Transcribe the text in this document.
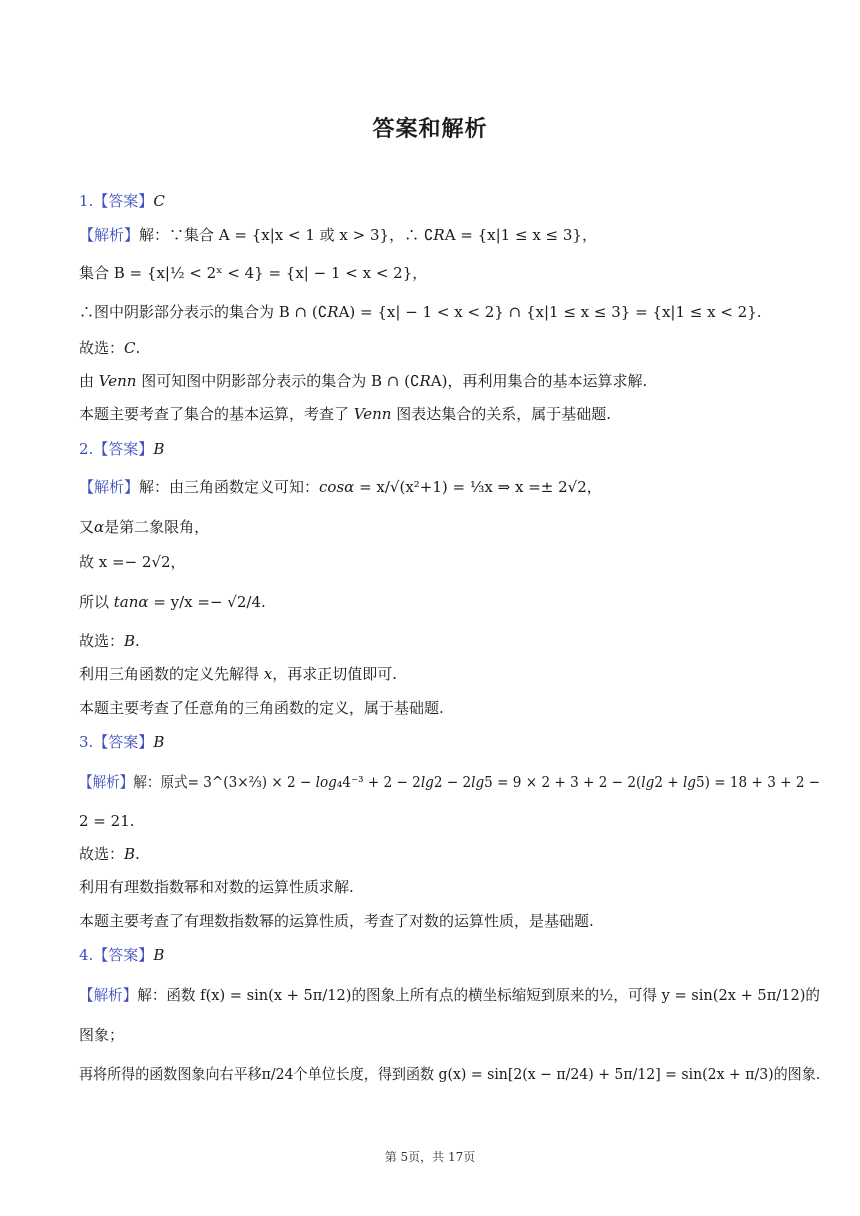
答案和解析
1.【答案】C
【解析】解：∵集合 A = {x|x < 1 或 x > 3}，∴ ∁RA = {x|1 ≤ x ≤ 3}，
集合 B = {x|½ < 2ˣ < 4} = {x| − 1 < x < 2}，
∴图中阴影部分表示的集合为 B ∩ (∁RA) = {x| − 1 < x < 2} ∩ {x|1 ≤ x ≤ 3} = {x|1 ≤ x < 2}.
故选：C.
由 Venn 图可知图中阴影部分表示的集合为 B ∩ (∁RA)，再利用集合的基本运算求解.
本题主要考查了集合的基本运算，考查了 Venn 图表达集合的关系，属于基础题.
2.【答案】B
【解析】解：由三角函数定义可知：cosα = x/√(x²+1) = ⅓x ⇒ x =± 2√2，
又α是第二象限角，
故 x =− 2√2，
所以 tanα = y/x =− √2/4.
故选：B.
利用三角函数的定义先解得 x，再求正切值即可.
本题主要考查了任意角的三角函数的定义，属于基础题.
3.【答案】B
【解析】解：原式= 3^(3×⅔) × 2 − log₄4⁻³ + 2 − 2lg2 − 2lg5 = 9 × 2 + 3 + 2 − 2(lg2 + lg5) = 18 + 3 + 2 −
2 = 21.
故选：B.
利用有理数指数幂和对数的运算性质求解.
本题主要考查了有理数指数幂的运算性质，考查了对数的运算性质，是基础题.
4.【答案】B
【解析】解：函数 f(x) = sin(x + 5π/12)的图象上所有点的横坐标缩短到原来的½，可得 y = sin(2x + 5π/12)的
图象；
再将所得的函数图象向右平移π/24个单位长度，得到函数 g(x) = sin[2(x − π/24) + 5π/12] = sin(2x + π/3)的图象.
第 5页，共 17页
